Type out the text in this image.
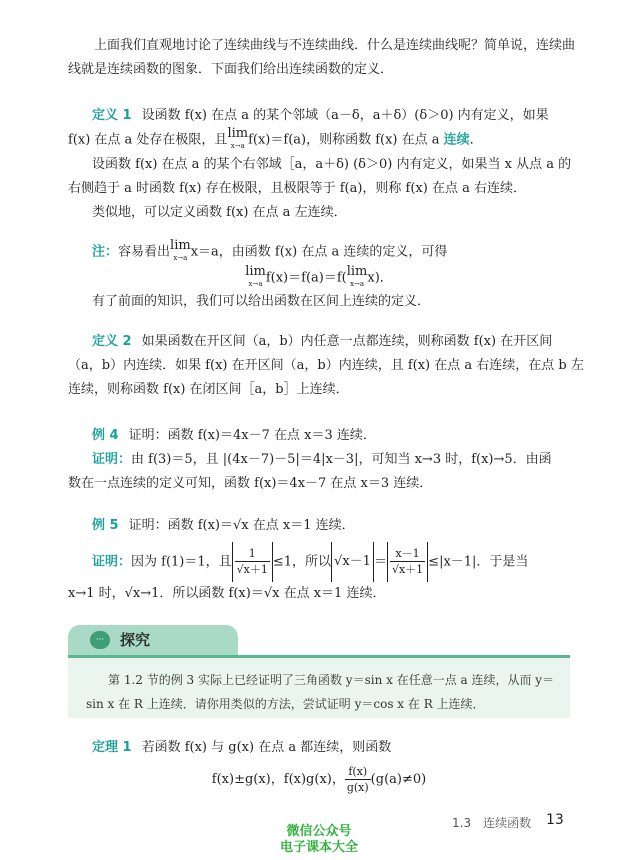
上面我们直观地讨论了连续曲线与不连续曲线．什么是连续曲线呢？简单说，连续曲
线就是连续函数的图象．下面我们给出连续函数的定义．
定义 1 设函数 f(x) 在点 a 的某个邻域（a－δ，a＋δ）(δ＞0) 内有定义，如果
f(x) 在点 a 处存在极限，且 lim
x→a f(x)＝f(a)，则称函数 f(x) 在点 a 连续．
设函数 f(x) 在点 a 的某个右邻域［a，a＋δ) (δ＞0) 内有定义，如果当 x 从点 a 的
右侧趋于 a 时函数 f(x) 存在极限，且极限等于 f(a)，则称 f(x) 在点 a 右连续．
类似地，可以定义函数 f(x) 在点 a 左连续．
注：容易看出 lim
x→a x＝a，由函数 f(x) 在点 a 连续的定义，可得
lim
x→a f(x)＝f(a)＝f( lim
x→a x)．
有了前面的知识，我们可以给出函数在区间上连续的定义．
定义 2 如果函数在开区间（a，b）内任意一点都连续，则称函数 f(x) 在开区间
（a，b）内连续．如果 f(x) 在开区间（a，b）内连续，且 f(x) 在点 a 右连续，在点 b 左
连续，则称函数 f(x) 在闭区间［a，b］上连续．
例 4 证明：函数 f(x)＝4x－7 在点 x＝3 连续．
证明：由 f(3)＝5，且 |(4x－7)－5|＝4|x－3|，可知当 x→3 时，f(x)→5．由函
数在一点连续的定义可知，函数 f(x)＝4x－7 在点 x＝3 连续．
例 5 证明：函数 f(x)＝√x 在点 x＝1 连续．
证明：因为 f(1)＝1，且 $\frac{1}{√x+1} \le 1$，所以 $√x-1 = \frac{x-1}{√x+1} \le|x-1|$．于是当
x→1 时，√x→1．所以函数 f(x)＝√x 在点 x＝1 连续．
···	探究
第 1.2 节的例 3 实际上已经证明了三角函数 y＝sin x 在任意一点 a 连续，从而 y＝
sin x 在 R 上连续．请你用类似的方法，尝试证明 y＝cos x 在 R 上连续．
定理 1 若函数 f(x) 与 g(x) 在点 a 都连续，则函数
f(x)±g(x)，f(x)g(x)， $\frac{f(x)}{g(x)} (g(a)\ne 0)$
1.3　连续函数 13
微信公众号
电子课本大全
